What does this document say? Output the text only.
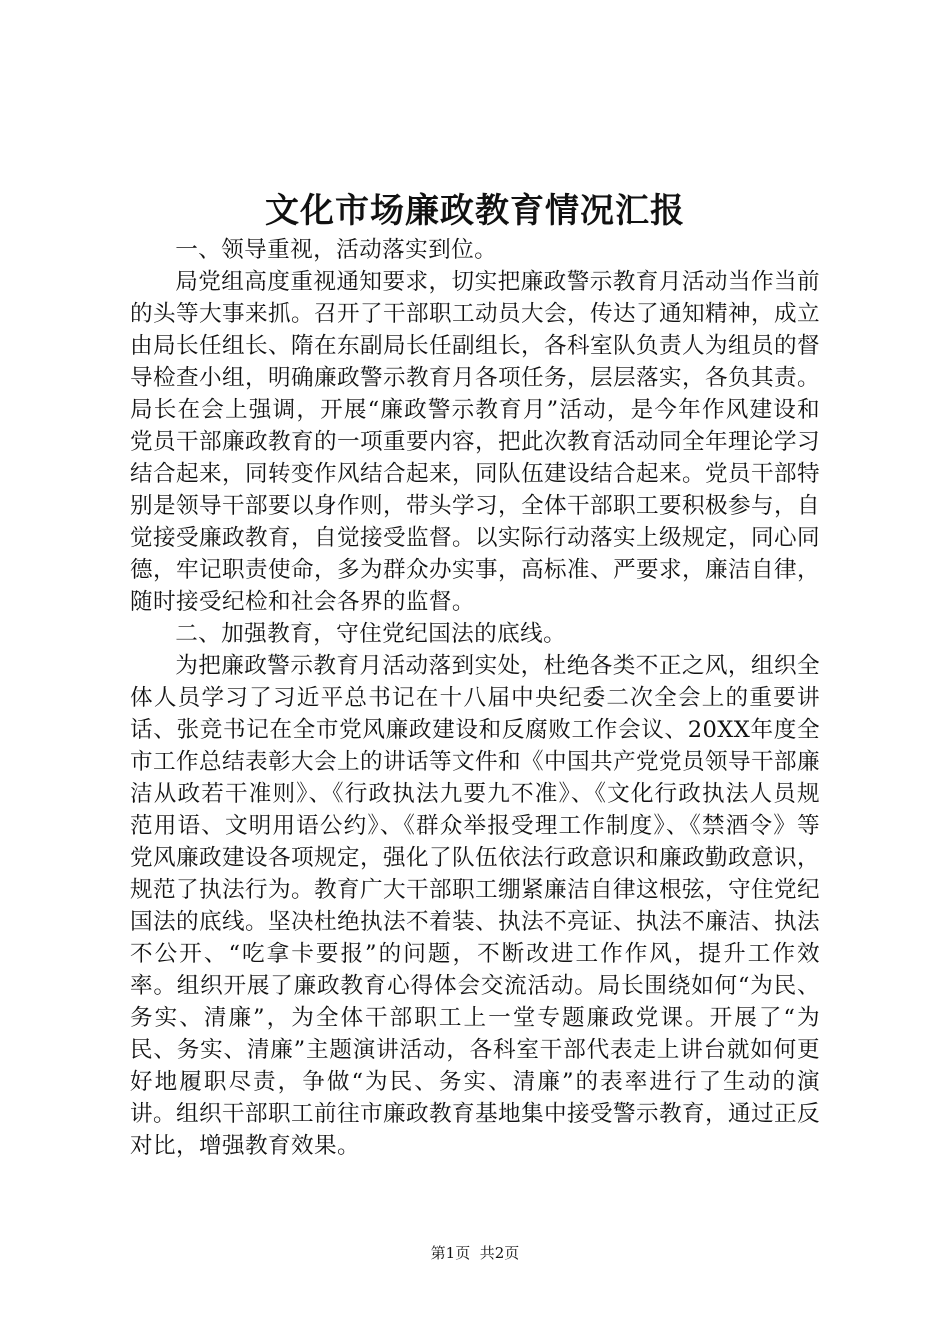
文化市场廉政教育情况汇报

一、领导重视，活动落实到位。

局党组高度重视通知要求，切实把廉政警示教育月活动当作当前的头等大事来抓。召开了干部职工动员大会，传达了通知精神，成立由局长任组长、隋在东副局长任副组长，各科室队负责人为组员的督导检查小组，明确廉政警示教育月各项任务，层层落实，各负其责。局长在会上强调，开展“廉政警示教育月”活动，是今年作风建设和党员干部廉政教育的一项重要内容，把此次教育活动同全年理论学习结合起来，同转变作风结合起来，同队伍建设结合起来。党员干部特别是领导干部要以身作则，带头学习，全体干部职工要积极参与，自觉接受廉政教育，自觉接受监督。以实际行动落实上级规定，同心同德，牢记职责使命，多为群众办实事，高标准、严要求，廉洁自律，随时接受纪检和社会各界的监督。

二、加强教育，守住党纪国法的底线。

为把廉政警示教育月活动落到实处，杜绝各类不正之风，组织全体人员学习了习近平总书记在十八届中央纪委二次全会上的重要讲话、张竞书记在全市党风廉政建设和反腐败工作会议、20XX年度全市工作总结表彰大会上的讲话等文件和《中国共产党党员领导干部廉洁从政若干准则》、《行政执法九要九不准》、《文化行政执法人员规范用语、文明用语公约》、《群众举报受理工作制度》、《禁酒令》等党风廉政建设各项规定，强化了队伍依法行政意识和廉政勤政意识，规范了执法行为。教育广大干部职工绷紧廉洁自律这根弦，守住党纪国法的底线。坚决杜绝执法不着装、执法不亮证、执法不廉洁、执法不公开、“吃拿卡要报”的问题，不断改进工作作风，提升工作效率。组织开展了廉政教育心得体会交流活动。局长围绕如何“为民、务实、清廉”，为全体干部职工上一堂专题廉政党课。开展了“为民、务实、清廉”主题演讲活动，各科室干部代表走上讲台就如何更好地履职尽责，争做“为民、务实、清廉”的表率进行了生动的演讲。组织干部职工前往市廉政教育基地集中接受警示教育，通过正反对比，增强教育效果。

第1页 共2页
